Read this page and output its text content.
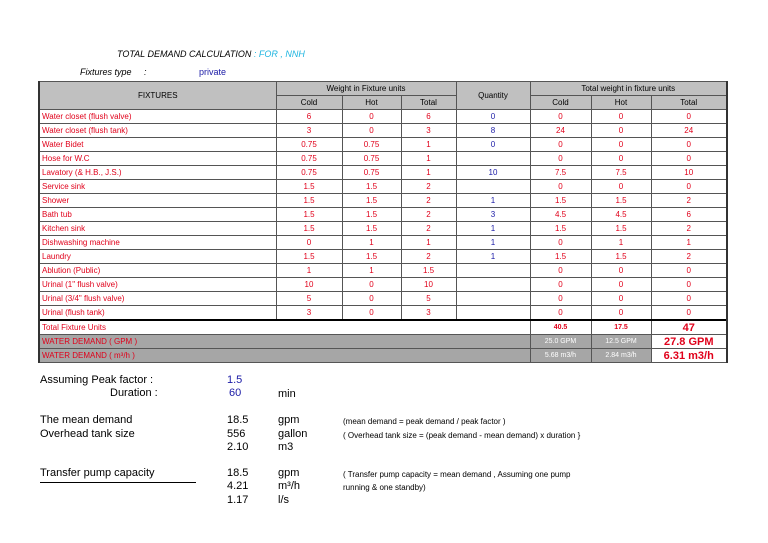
TOTAL DEMAND CALCULATION : FOR , NNH
Fixtures type :	private
FIXTURES	Weight in Fixture units			Quantity	Total weight in fixture units		
	Cold	Hot	Total		Cold	Hot	Total
Water closet (flush valve)	6	0	6	0	0	0	0
Water closet (flush tank)	3	0	3	8	24	0	24
Water Bidet	0.75	0.75	1	0	0	0	0
Hose for W.C	0.75	0.75	1		0	0	0
Lavatory (& H.B., J.S.)	0.75	0.75	1	10	7.5	7.5	10
Service sink	1.5	1.5	2		0	0	0
Shower	1.5	1.5	2	1	1.5	1.5	2
Bath tub	1.5	1.5	2	3	4.5	4.5	6
Kitchen sink	1.5	1.5	2	1	1.5	1.5	2
Dishwashing machine	0	1	1	1	0	1	1
Laundry	1.5	1.5	2	1	1.5	1.5	2
Ablution (Public)	1	1	1.5		0	0	0
Urinal (1" flush valve)	10	0	10		0	0	0
Urinal (3/4" flush valve)	5	0	5		0	0	0
Urinal (flush tank)	3	0	3		0	0	0
Total Fixture Units					40.5	17.5	47
WATER DEMAND ( GPM )					25.0 GPM	12.5 GPM	27.8 GPM
WATER DEMAND ( m³/h )					5.68 m3/h	2.84 m3/h	6.31 m3/h
Assuming Peak factor :	1.5
Duration :	60	min
The mean demand	18.5	gpm	(mean demand = peak demand / peak factor )
Overhead tank size	556	gallon	( Overhead tank size = (peak demand - mean demand) x duration }
2.10	m3
Transfer pump capacity	18.5	gpm	( Transfer pump capacity = mean demand , Assuming one pump
running & one standby)
4.21	m³/h
1.17	l/s
